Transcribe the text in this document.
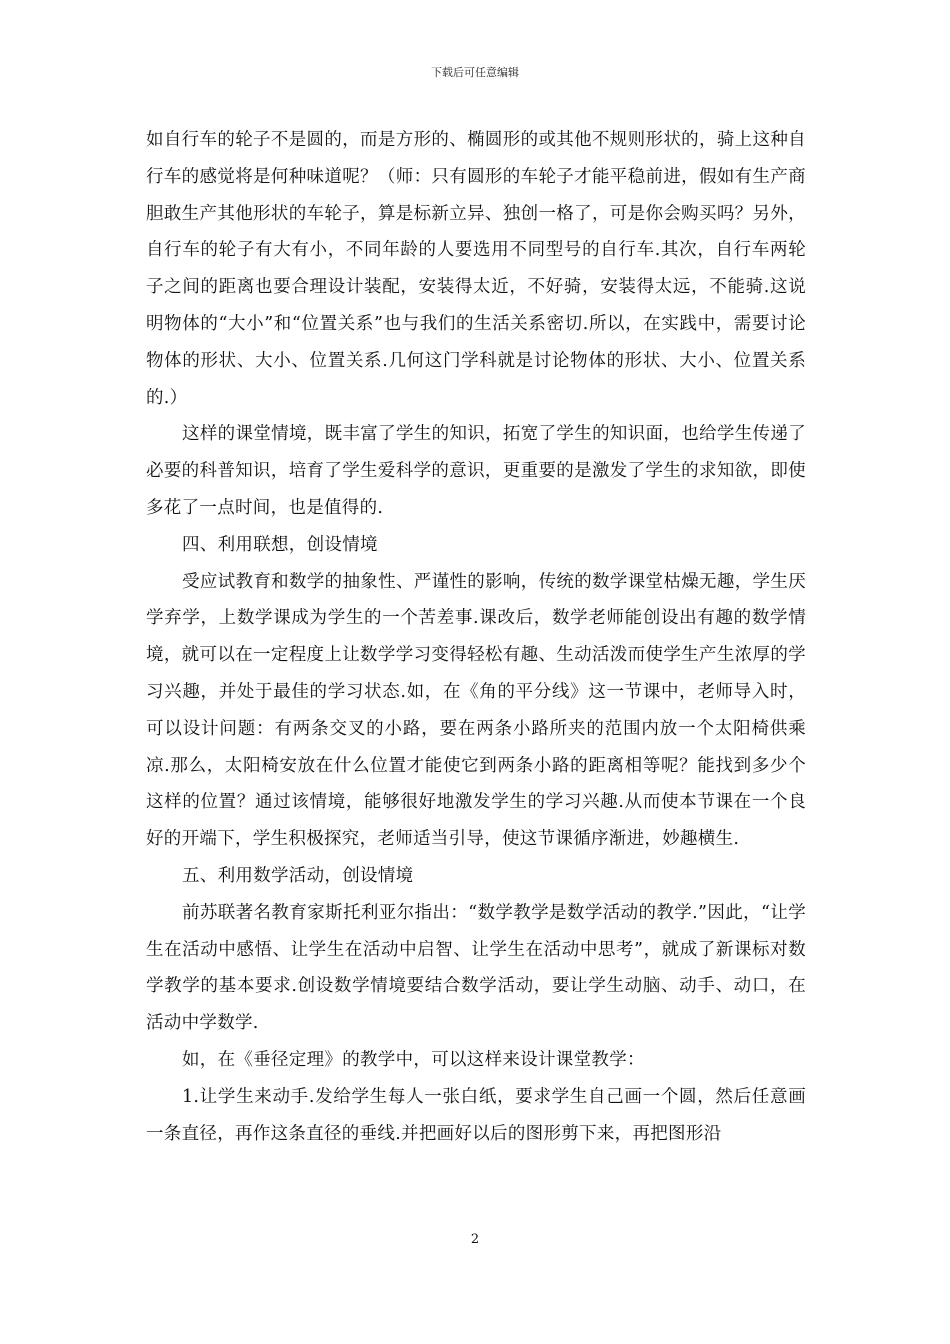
下载后可任意编辑

如自行车的轮子不是圆的，而是方形的、椭圆形的或其他不规则形状的，骑上这种自行车的感觉将是何种味道呢？（师：只有圆形的车轮子才能平稳前进，假如有生产商胆敢生产其他形状的车轮子，算是标新立异、独创一格了，可是你会购买吗？另外，自行车的轮子有大有小，不同年龄的人要选用不同型号的自行车.其次，自行车两轮子之间的距离也要合理设计装配，安装得太近，不好骑，安装得太远，不能骑.这说明物体的“大小”和“位置关系”也与我们的生活关系密切.所以，在实践中，需要讨论物体的形状、大小、位置关系.几何这门学科就是讨论物体的形状、大小、位置关系的.）

这样的课堂情境，既丰富了学生的知识，拓宽了学生的知识面，也给学生传递了必要的科普知识，培育了学生爱科学的意识，更重要的是激发了学生的求知欲，即使多花了一点时间，也是值得的.

四、利用联想，创设情境

受应试教育和数学的抽象性、严谨性的影响，传统的数学课堂枯燥无趣，学生厌学弃学，上数学课成为学生的一个苦差事.课改后，数学老师能创设出有趣的数学情境，就可以在一定程度上让数学学习变得轻松有趣、生动活泼而使学生产生浓厚的学习兴趣，并处于最佳的学习状态.如，在《角的平分线》这一节课中，老师导入时，可以设计问题：有两条交叉的小路，要在两条小路所夹的范围内放一个太阳椅供乘凉.那么，太阳椅安放在什么位置才能使它到两条小路的距离相等呢？能找到多少个这样的位置？通过该情境，能够很好地激发学生的学习兴趣.从而使本节课在一个良好的开端下，学生积极探究，老师适当引导，使这节课循序渐进，妙趣横生.

五、利用数学活动，创设情境

前苏联著名教育家斯托利亚尔指出：“数学教学是数学活动的教学.”因此，“让学生在活动中感悟、让学生在活动中启智、让学生在活动中思考”，就成了新课标对数学教学的基本要求.创设数学情境要结合数学活动，要让学生动脑、动手、动口，在活动中学数学.

如，在《垂径定理》的教学中，可以这样来设计课堂教学：

1.让学生来动手.发给学生每人一张白纸，要求学生自己画一个圆，然后任意画一条直径，再作这条直径的垂线.并把画好以后的图形剪下来，再把图形沿

2
